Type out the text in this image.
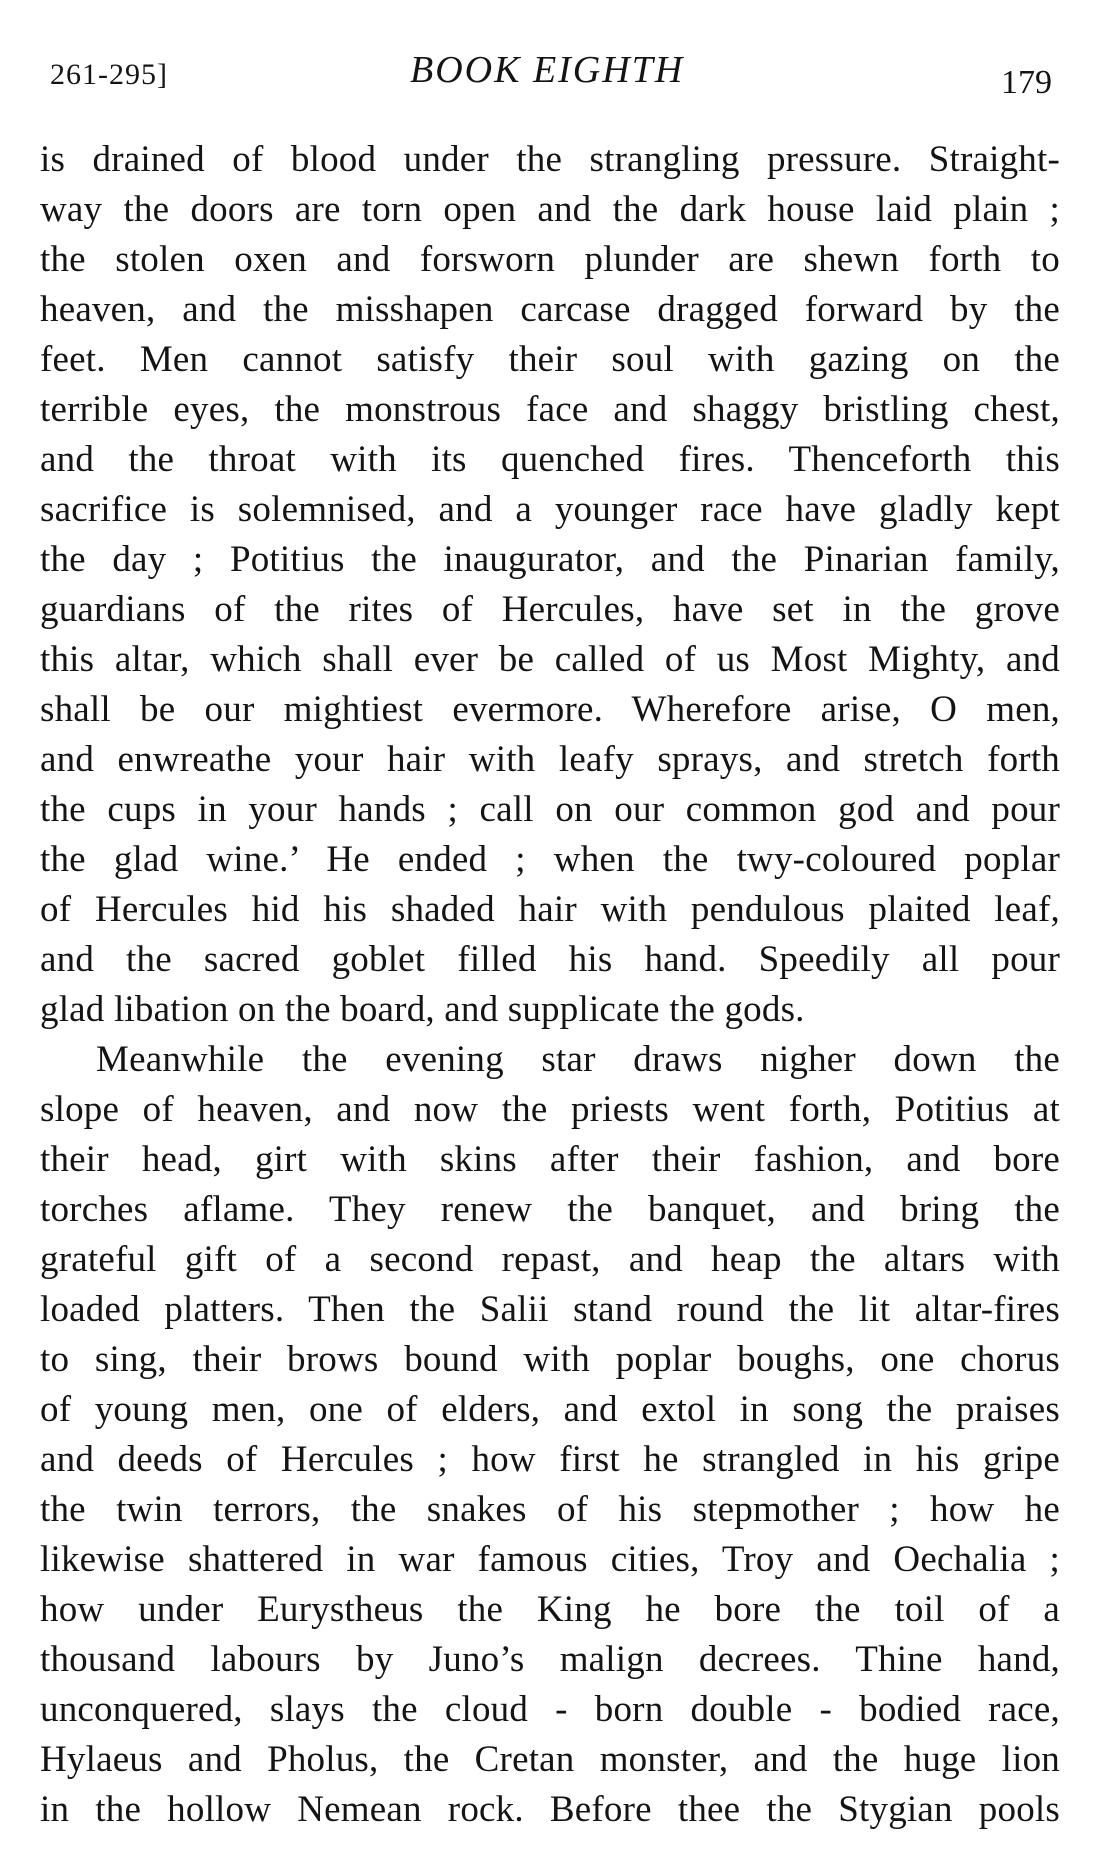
261-295]	BOOK EIGHTH	179
is drained of blood under the strangling pressure. Straight-
way the doors are torn open and the dark house laid plain ;
the stolen oxen and forsworn plunder are shewn forth to
heaven, and the misshapen carcase dragged forward by the
feet. Men cannot satisfy their soul with gazing on the
terrible eyes, the monstrous face and shaggy bristling chest,
and the throat with its quenched fires. Thenceforth this
sacrifice is solemnised, and a younger race have gladly kept
the day ; Potitius the inaugurator, and the Pinarian family,
guardians of the rites of Hercules, have set in the grove
this altar, which shall ever be called of us Most Mighty, and
shall be our mightiest evermore. Wherefore arise, O men,
and enwreathe your hair with leafy sprays, and stretch forth
the cups in your hands ; call on our common god and pour
the glad wine.’ He ended ; when the twy-coloured poplar
of Hercules hid his shaded hair with pendulous plaited leaf,
and the sacred goblet filled his hand. Speedily all pour
glad libation on the board, and supplicate the gods.
Meanwhile the evening star draws nigher down the
slope of heaven, and now the priests went forth, Potitius at
their head, girt with skins after their fashion, and bore
torches aflame. They renew the banquet, and bring the
grateful gift of a second repast, and heap the altars with
loaded platters. Then the Salii stand round the lit altar-fires
to sing, their brows bound with poplar boughs, one chorus
of young men, one of elders, and extol in song the praises
and deeds of Hercules ; how first he strangled in his gripe
the twin terrors, the snakes of his stepmother ; how he
likewise shattered in war famous cities, Troy and Oechalia ;
how under Eurystheus the King he bore the toil of a
thousand labours by Juno’s malign decrees. Thine hand,
unconquered, slays the cloud - born double - bodied race,
Hylaeus and Pholus, the Cretan monster, and the huge lion
in the hollow Nemean rock. Before thee the Stygian pools
